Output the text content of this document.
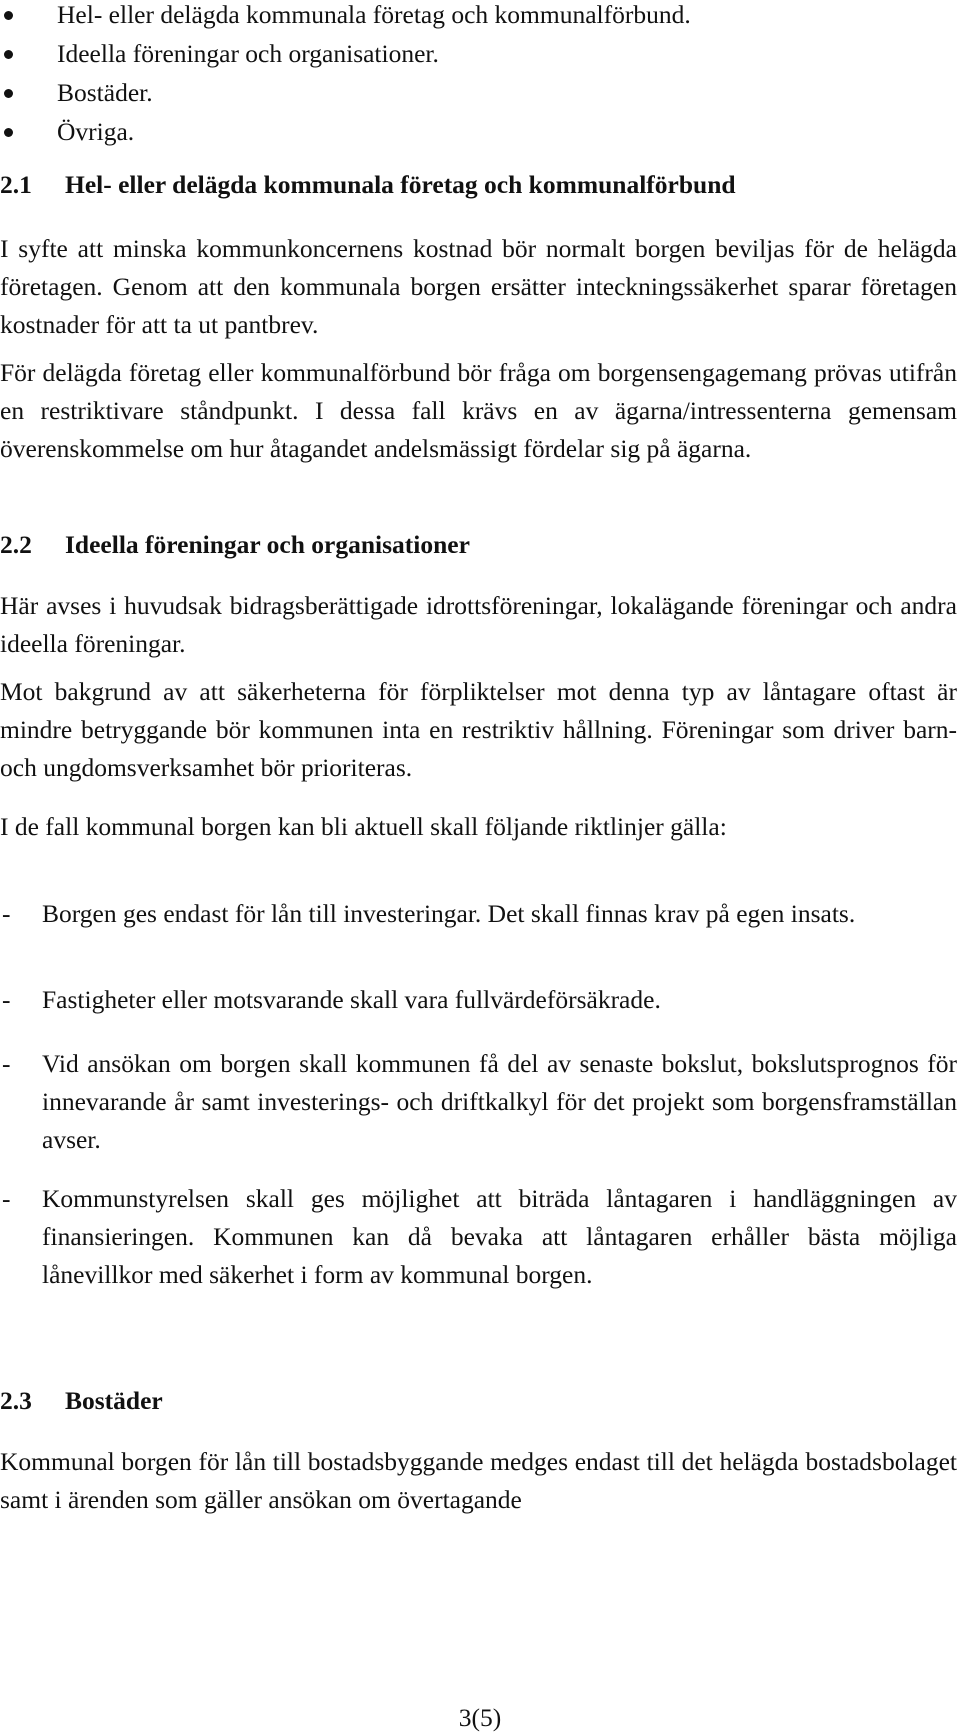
Hel- eller delägda kommunala företag och kommunalförbund.
Ideella föreningar och organisationer.
Bostäder.
Övriga.
2.1 Hel- eller delägda kommunala företag och kommunalförbund

I syfte att minska kommunkoncernens kostnad bör normalt borgen beviljas för de helägda företagen. Genom att den kommunala borgen ersätter inteckningssäkerhet sparar företagen kostnader för att ta ut pantbrev.

För delägda företag eller kommunalförbund bör fråga om borgensengagemang prövas utifrån en restriktivare ståndpunkt. I dessa fall krävs en av ägarna/intressenterna gemensam överenskommelse om hur åtagandet andelsmässigt fördelar sig på ägarna.

2.2 Ideella föreningar och organisationer

Här avses i huvudsak bidragsberättigade idrottsföreningar, lokalägande föreningar och andra ideella föreningar.

Mot bakgrund av att säkerheterna för förpliktelser mot denna typ av låntagare oftast är mindre betryggande bör kommunen inta en restriktiv hållning. Föreningar som driver barn- och ungdomsverksamhet bör prioriteras.

I de fall kommunal borgen kan bli aktuell skall följande riktlinjer gälla:

- Borgen ges endast för lån till investeringar. Det skall finnas krav på egen insats.
- Fastigheter eller motsvarande skall vara fullvärdeförsäkrade.
- Vid ansökan om borgen skall kommunen få del av senaste bokslut, bokslutsprognos för innevarande år samt investerings- och driftkalkyl för det projekt som borgensframställan avser.
- Kommunstyrelsen skall ges möjlighet att biträda låntagaren i handläggningen av finansieringen. Kommunen kan då bevaka att låntagaren erhåller bästa möjliga lånevillkor med säkerhet i form av kommunal borgen.
2.3 Bostäder

Kommunal borgen för lån till bostadsbyggande medges endast till det helägda bostadsbolaget samt i ärenden som gäller ansökan om övertagande

3(5)
